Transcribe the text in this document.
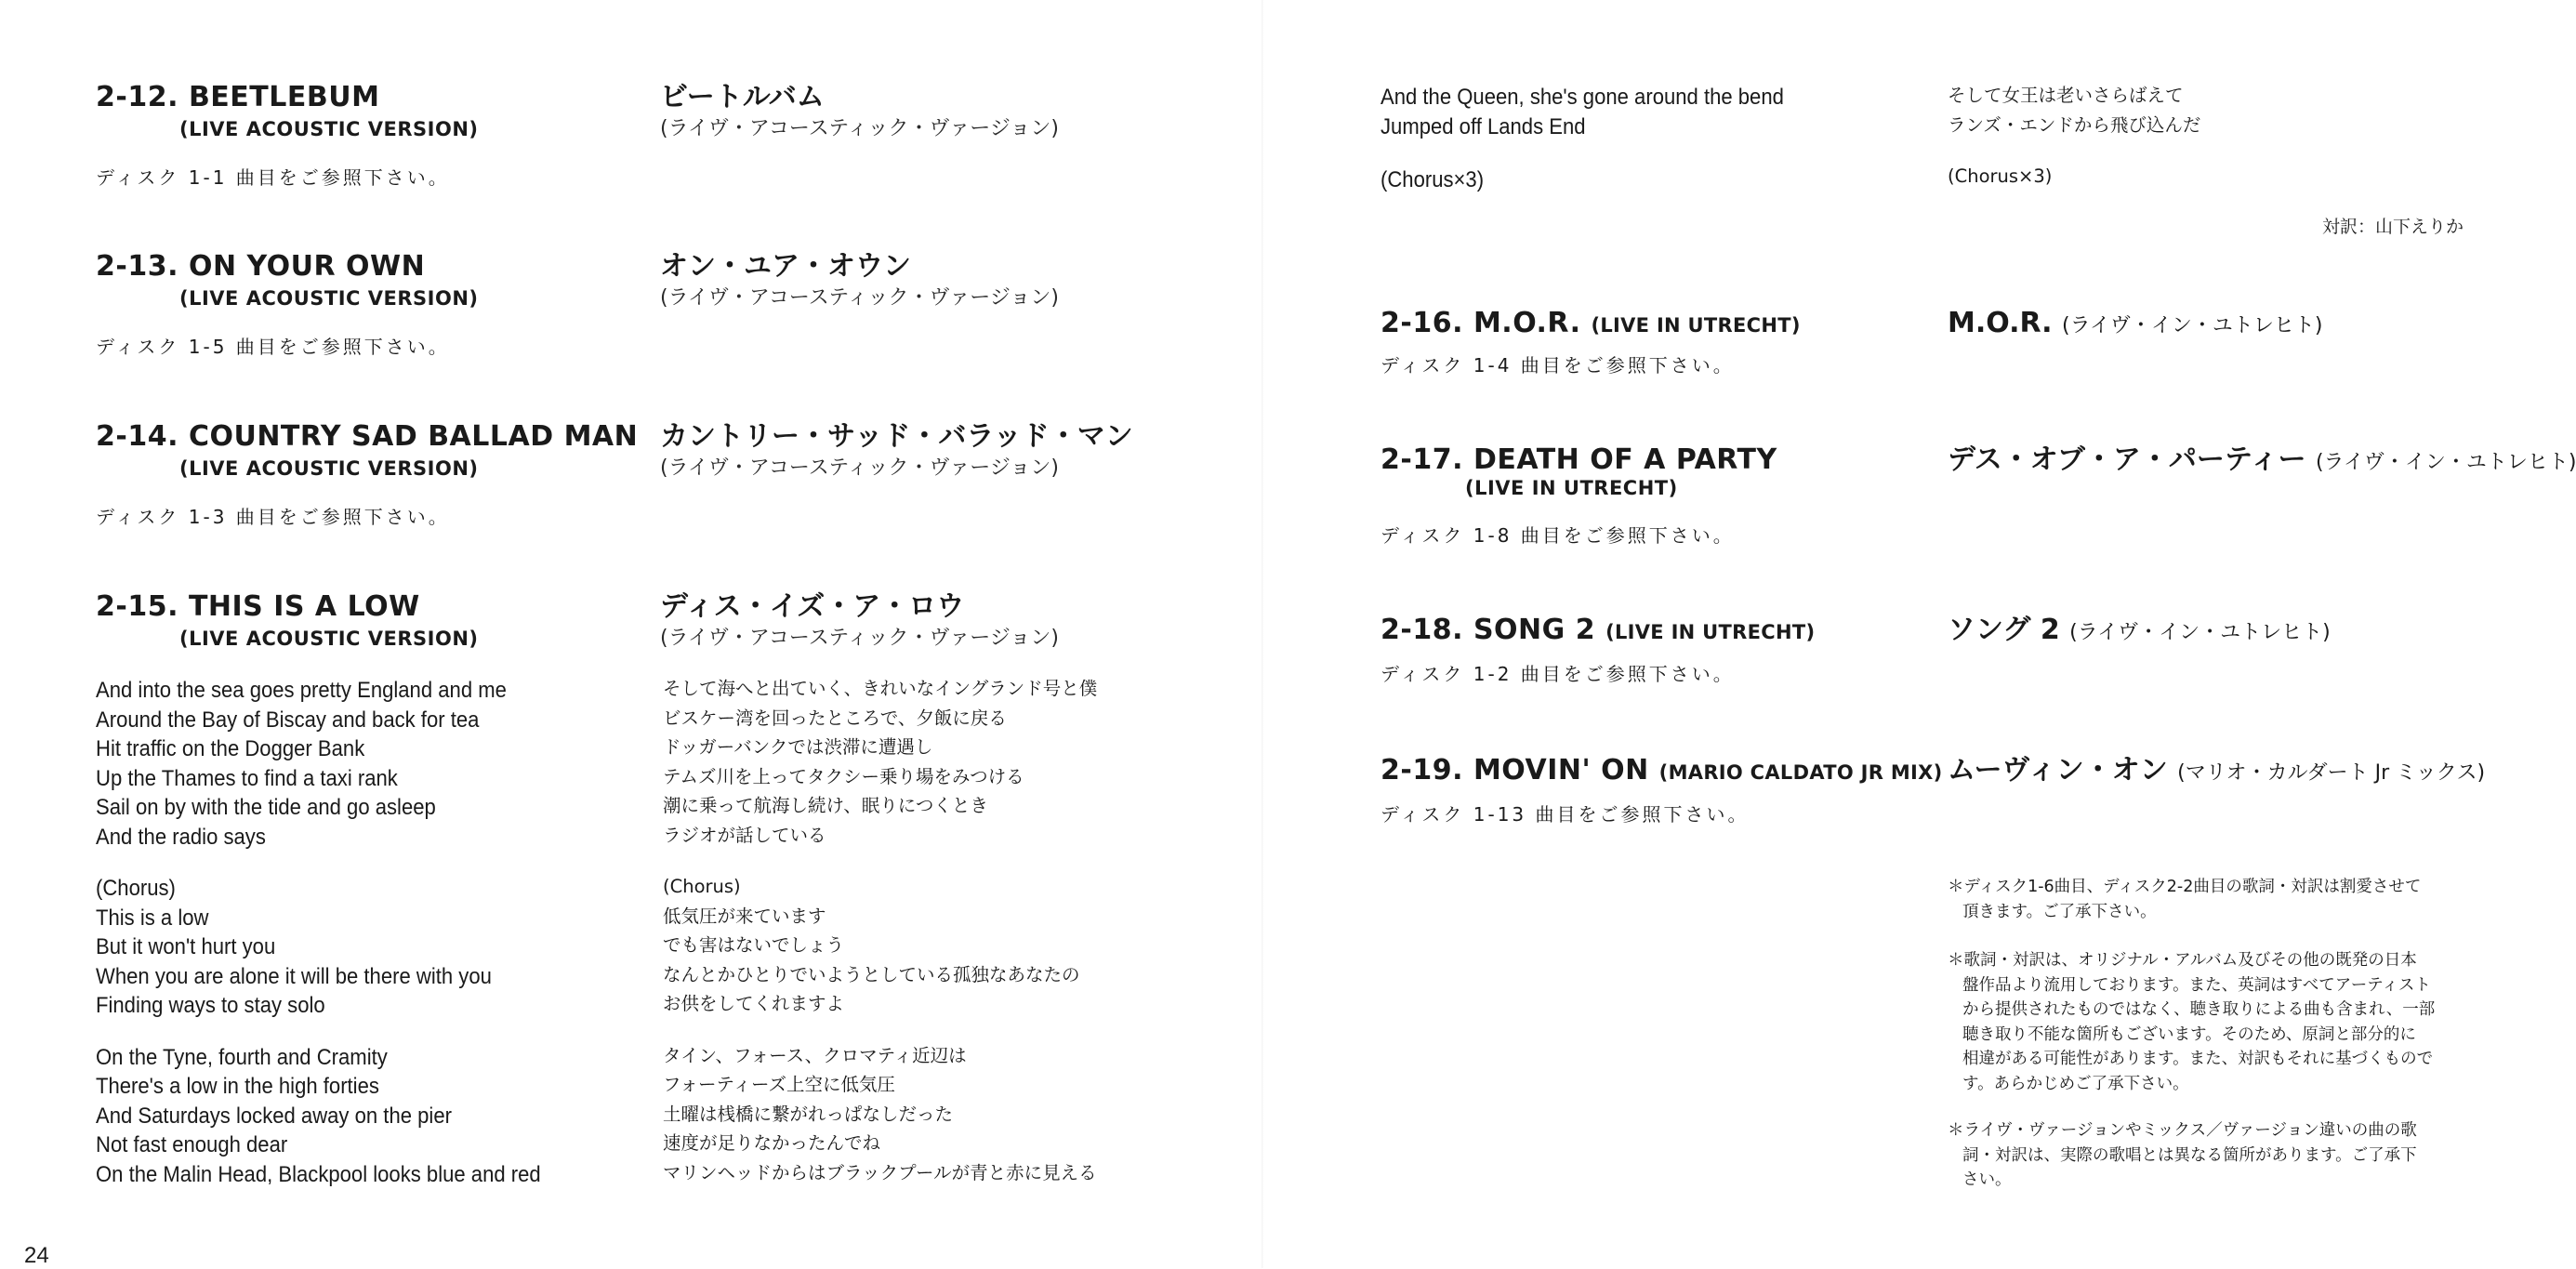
2-12. BEETLEBUM
(LIVE ACOUSTIC VERSION)
ビートルバム
(ライヴ・アコースティック・ヴァージョン)
ディスク 1-1 曲目をご参照下さい。
2-13. ON YOUR OWN
(LIVE ACOUSTIC VERSION)
オン・ユア・オウン
(ライヴ・アコースティック・ヴァージョン)
ディスク 1-5 曲目をご参照下さい。
2-14. COUNTRY SAD BALLAD MAN
(LIVE ACOUSTIC VERSION)
カントリー・サッド・バラッド・マン
(ライヴ・アコースティック・ヴァージョン)
ディスク 1-3 曲目をご参照下さい。
2-15. THIS IS A LOW
(LIVE ACOUSTIC VERSION)
ディス・イズ・ア・ロウ
(ライヴ・アコースティック・ヴァージョン)
And into the sea goes pretty England and me
Around the Bay of Biscay and back for tea
Hit traffic on the Dogger Bank
Up the Thames to find a taxi rank
Sail on by with the tide and go asleep
And the radio says
(Chorus)
This is a low
But it won't hurt you
When you are alone it will be there with you
Finding ways to stay solo
On the Tyne, fourth and Cramity
There's a low in the high forties
And Saturdays locked away on the pier
Not fast enough dear
On the Malin Head, Blackpool looks blue and red
そして海へと出ていく、きれいなイングランド号と僕
ビスケー湾を回ったところで、夕飯に戻る
ドッガーバンクでは渋滞に遭遇し
テムズ川を上ってタクシー乗り場をみつける
潮に乗って航海し続け、眠りにつくとき
ラジオが話している
(Chorus)
低気圧が来ています
でも害はないでしょう
なんとかひとりでいようとしている孤独なあなたの
お供をしてくれますよ
タイン、フォース、クロマティ近辺は
フォーティーズ上空に低気圧
土曜は桟橋に繋がれっぱなしだった
速度が足りなかったんでね
マリンヘッドからはブラックプールが青と赤に見える
24
And the Queen, she's gone around the bend
Jumped off Lands End
(Chorus×3)
そして女王は老いさらばえて
ランズ・エンドから飛び込んだ
(Chorus×3)
対訳：山下えりか
2-16. M.O.R. (LIVE IN UTRECHT)	M.O.R. (ライヴ・イン・ユトレヒト)
ディスク 1-4 曲目をご参照下さい。
2-17. DEATH OF A PARTY
(LIVE IN UTRECHT)
デス・オブ・ア・パーティー (ライヴ・イン・ユトレヒト)
ディスク 1-8 曲目をご参照下さい。
2-18. SONG 2 (LIVE IN UTRECHT)	ソング 2 (ライヴ・イン・ユトレヒト)
ディスク 1-2 曲目をご参照下さい。
2-19. MOVIN' ON (MARIO CALDATO JR MIX) ムーヴィン・オン (マリオ・カルダート Jr ミックス)
ディスク 1-13 曲目をご参照下さい。
＊ディスク1-6曲目、ディスク2-2曲目の歌詞・対訳は割愛させて
頂きます。ご了承下さい。
＊歌詞・対訳は、オリジナル・アルバム及びその他の既発の日本
盤作品より流用しております。また、英詞はすべてアーティスト
から提供されたものではなく、聴き取りによる曲も含まれ、一部
聴き取り不能な箇所もございます。そのため、原詞と部分的に
相違がある可能性があります。また、対訳もそれに基づくもので
す。あらかじめご了承下さい。
＊ライヴ・ヴァージョンやミックス／ヴァージョン違いの曲の歌
詞・対訳は、実際の歌唱とは異なる箇所があります。ご了承下
さい。
